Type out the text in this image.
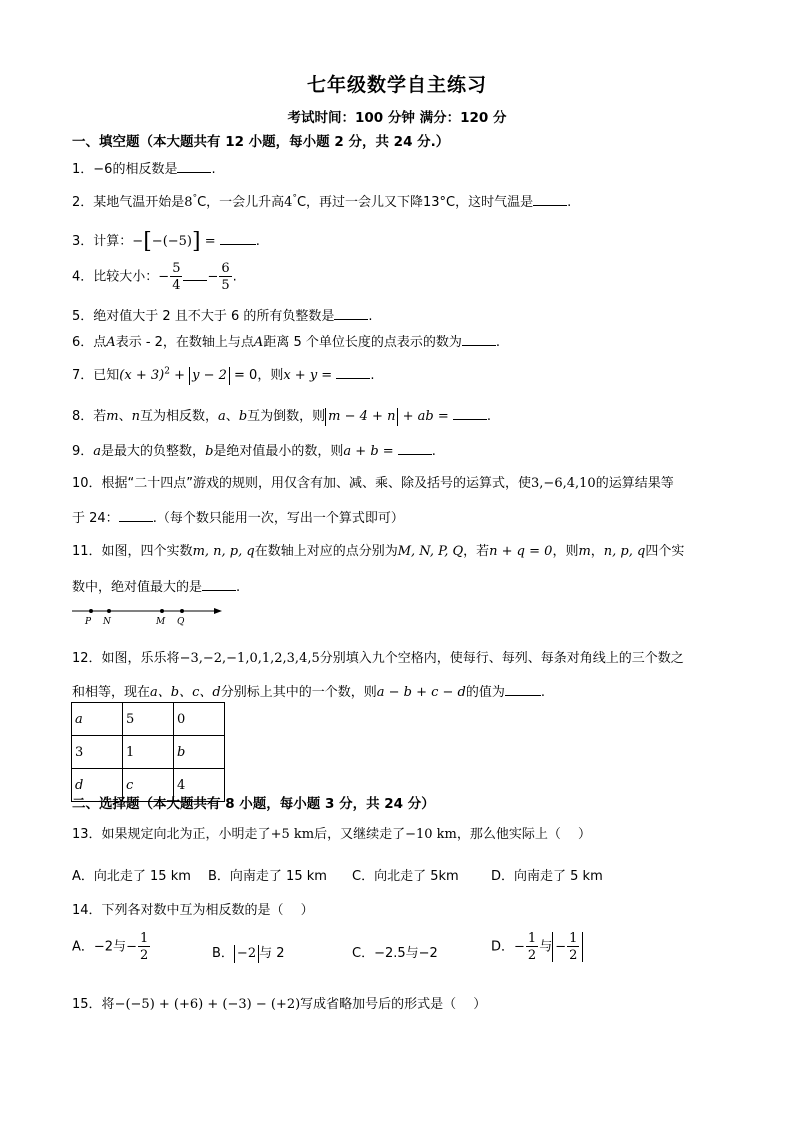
七年级数学自主练习
考试时间：100 分钟 满分：120 分
一、填空题（本大题共有 12 小题，每小题 2 分，共 24 分.）
1．−6的相反数是	.
2．某地气温开始是8°C，一会儿升高4°C，再过一会儿又下降13°C，这时气温是	.
3．计算：−[−(−5)] =	.
4．比较大小：− $\frac{5}{4} - \frac{6}{5}$ .
5．绝对值大于 2 且不大于 6 的所有负整数是	.
6．点A表示 - 2，在数轴上与点A距离 5 个单位长度的点表示的数为	.
7．已知$(x + 3)^2 + y - 2 = 0$，则x + y =	.
8．若m、n互为相反数，a、b互为倒数，则 m − 4 + n + ab =	.
9．a是最大的负整数，b是绝对值最小的数，则a + b =	.
10．根据“二十四点”游戏的规则，用仅含有加、减、乘、除及括号的运算式，使3,−6,4,10的运算结果等
于 24：	.（每个数只能用一次，写出一个算式即可）
11．如图，四个实数m, n, p, q在数轴上对应的点分别为M, N, P, Q，若n + q = 0，则m，n, p, q四个实
数中，绝对值最大的是	.
P N	M Q
12．如图，乐乐将−3,−2,−1,0,1,2,3,4,5分别填入九个空格内，使每行、每列、每条对角线上的三个数之
和相等，现在a、b、c、d分别标上其中的一个数，则a − b + c − d的值为	.
a	5	0
3	1	b
d	c	4
二、选择题（本大题共有 8 小题，每小题 3 分，共 24 分）
13．如果规定向北为正，小明走了+5 km后，又继续走了−10 km，那么他实际上（　 ）
A．向北走了 15 km B．向南走了 15 km C．向北走了 5km D．向南走了 5 km
14．下列各对数中互为相反数的是（　 ）
A．−2与− $\frac{1}{2}$	B． −2 与 2	C．−2.5与−2	D．− $\frac{1}{2}$ 与 − $\frac{1}{2}$
15．将−(−5) + (+6) + (−3) − (+2)写成省略加号后的形式是（　 ）
